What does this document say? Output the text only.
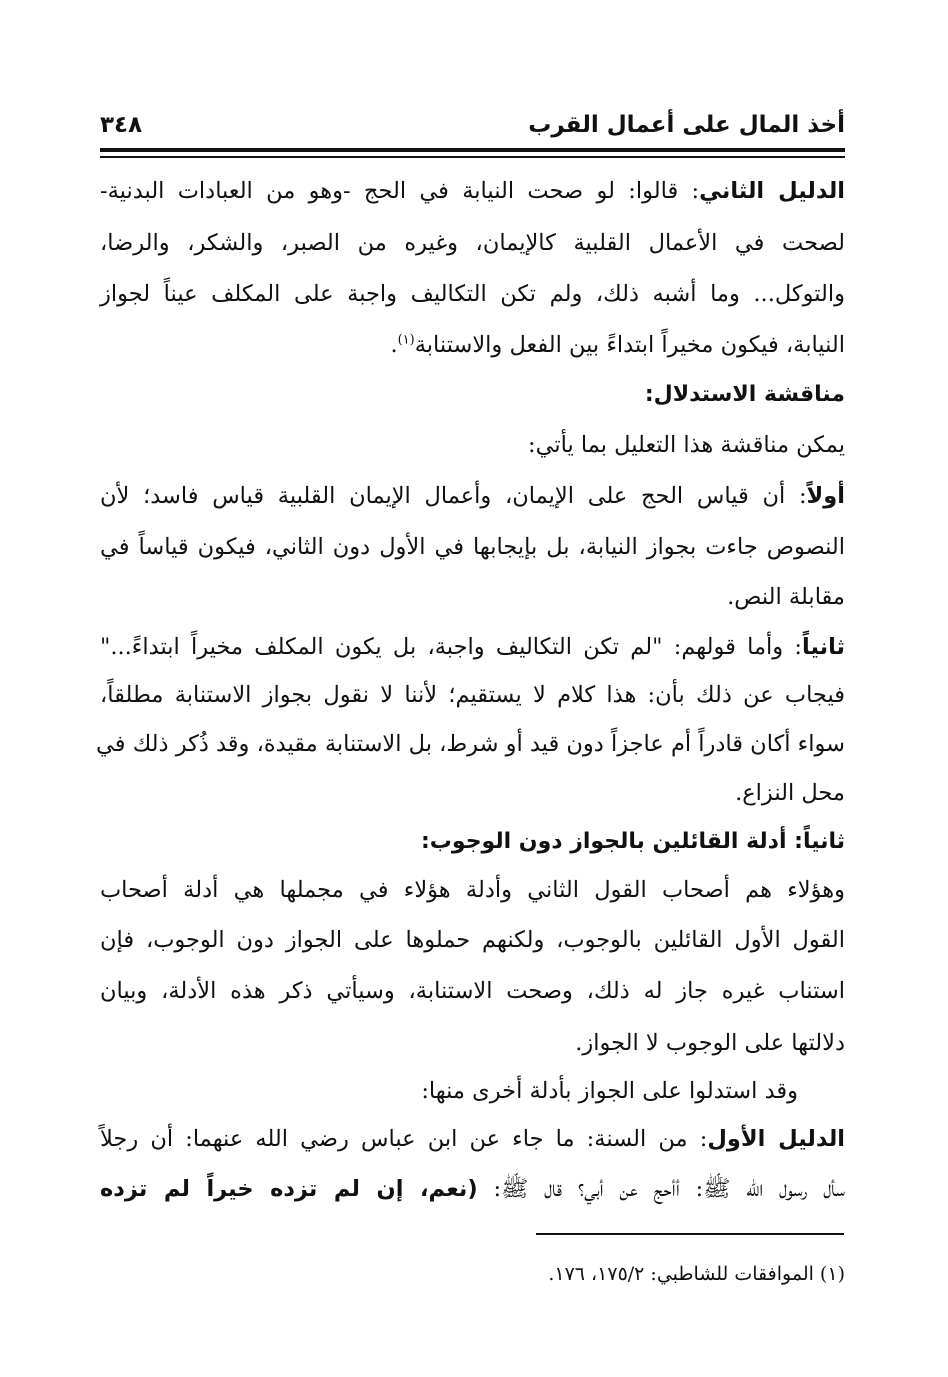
أخذ المال على أعمال القرب
٣٤٨
الدليل الثاني: قالوا: لو صحت النيابة في الحج -وهو من العبادات البدنية-
لصحت في الأعمال القلبية كالإيمان، وغيره من الصبر، والشكر، والرضا،
والتوكل... وما أشبه ذلك، ولم تكن التكاليف واجبة على المكلف عيناً لجواز
النيابة، فيكون مخيراً ابتداءً بين الفعل والاستنابة$^{(١)}$.
مناقشة الاستدلال:
يمكن مناقشة هذا التعليل بما يأتي:
أولاً: أن قياس الحج على الإيمان، وأعمال الإيمان القلبية قياس فاسد؛ لأن
النصوص جاءت بجواز النيابة، بل بإيجابها في الأول دون الثاني، فيكون قياساً في
مقابلة النص.
ثانياً: وأما قولهم: "لم تكن التكاليف واجبة، بل يكون المكلف مخيراً ابتداءً..."
فيجاب عن ذلك بأن: هذا كلام لا يستقيم؛ لأننا لا نقول بجواز الاستنابة مطلقاً،
سواء أكان قادراً أم عاجزاً دون قيد أو شرط، بل الاستنابة مقيدة، وقد ذُكر ذلك في
محل النزاع.
ثانياً: أدلة القائلين بالجواز دون الوجوب:
وهؤلاء هم أصحاب القول الثاني وأدلة هؤلاء في مجملها هي أدلة أصحاب
القول الأول القائلين بالوجوب، ولكنهم حملوها على الجواز دون الوجوب، فإن
استناب غيره جاز له ذلك، وصحت الاستنابة، وسيأتي ذكر هذه الأدلة، وبيان
دلالتها على الوجوب لا الجواز.
وقد استدلوا على الجواز بأدلة أخرى منها:
الدليل الأول: من السنة: ما جاء عن ابن عباس رضي الله عنهما: أن رجلاً
سأل رسول الله ﷺ: أأحج عن أبي؟ قال ﷺ: (نعم، إن لم تزده خيراً لم تزده
(١) الموافقات للشاطبي: ١٧٥/٢، ١٧٦.
